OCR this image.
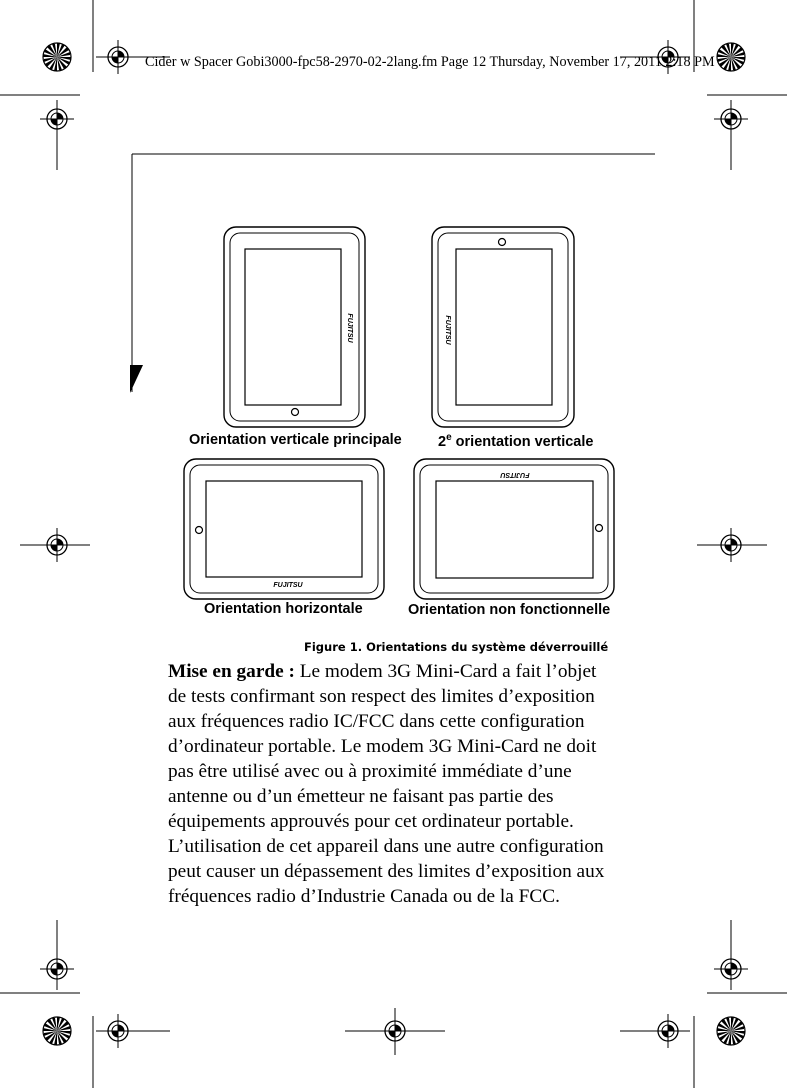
Cider w Spacer Gobi3000-fpc58-2970-02-2lang.fm Page 12 Thursday, November 17, 2011 2:18 PM
FUJITSU	FUJITSU
FUJITSU
FUJITSU
Orientation verticale principale	2e orientation verticale
Orientation horizontale	Orientation non fonctionnelle
Figure 1. Orientations du système déverrouillé

Mise en garde : Le modem 3G Mini-Card a fait l’objet de tests confirmant son respect des limites d’exposition aux fréquences radio IC/FCC dans cette configuration d’ordinateur portable. Le modem 3G Mini-Card ne doit pas être utilisé avec ou à proximité immédiate d’une antenne ou d’un émetteur ne faisant pas partie des équipements approuvés pour cet ordinateur portable. L’utilisation de cet appareil dans une autre configuration peut causer un dépassement des limites d’exposition aux fréquences radio d’Industrie Canada ou de la FCC.
